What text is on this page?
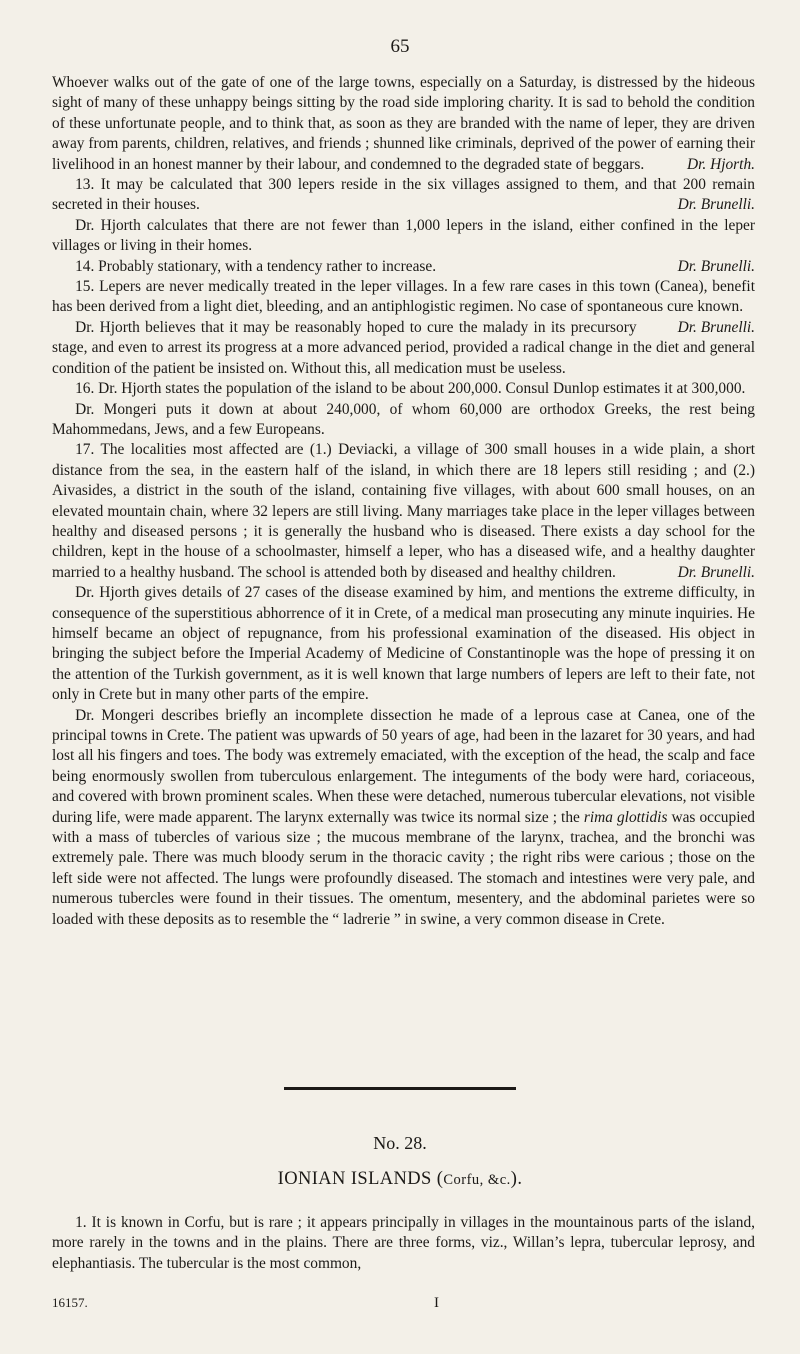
65

Whoever walks out of the gate of one of the large towns, especially on a Saturday, is distressed by the hideous sight of many of these unhappy beings sitting by the road side imploring charity. It is sad to behold the condition of these unfortunate people, and to think that, as soon as they are branded with the name of leper, they are driven away from parents, children, relatives, and friends ; shunned like criminals, deprived of the power of earning their livelihood in an honest manner by their labour, and condemned to the degraded state of beggars.	Dr. Hjorth.

13. It may be calculated that 300 lepers reside in the six villages assigned to them, and that 200 remain secreted in their houses.	Dr. Brunelli.

Dr. Hjorth calculates that there are not fewer than 1,000 lepers in the island, either confined in the leper villages or living in their homes.

14. Probably stationary, with a tendency rather to increase.	Dr. Brunelli.

15. Lepers are never medically treated in the leper villages. In a few rare cases in this town (Canea), benefit has been derived from a light diet, bleeding, and an antiphlogistic regimen. No case of spontaneous cure known.
Dr. Brunelli.

Dr. Hjorth believes that it may be reasonably hoped to cure the malady in its precursory stage, and even to arrest its progress at a more advanced period, provided a radical change in the diet and general condition of the patient be insisted on. Without this, all medication must be useless.

16. Dr. Hjorth states the population of the island to be about 200,000. Consul Dunlop estimates it at 300,000.

Dr. Mongeri puts it down at about 240,000, of whom 60,000 are orthodox Greeks, the rest being Mahommedans, Jews, and a few Europeans.

17. The localities most affected are (1.) Deviacki, a village of 300 small houses in a wide plain, a short distance from the sea, in the eastern half of the island, in which there are 18 lepers still residing ; and (2.) Aivasides, a district in the south of the island, containing five villages, with about 600 small houses, on an elevated mountain chain, where 32 lepers are still living. Many marriages take place in the leper villages between healthy and diseased persons ; it is generally the husband who is diseased. There exists a day school for the children, kept in the house of a schoolmaster, himself a leper, who has a diseased wife, and a healthy daughter married to a healthy husband. The school is attended both by diseased and healthy children.	Dr. Brunelli.

Dr. Hjorth gives details of 27 cases of the disease examined by him, and mentions the extreme difficulty, in consequence of the superstitious abhorrence of it in Crete, of a medical man prosecuting any minute inquiries. He himself became an object of repugnance, from his professional examination of the diseased. His object in bringing the subject before the Imperial Academy of Medicine of Constantinople was the hope of pressing it on the attention of the Turkish government, as it is well known that large numbers of lepers are left to their fate, not only in Crete but in many other parts of the empire.

Dr. Mongeri describes briefly an incomplete dissection he made of a leprous case at Canea, one of the principal towns in Crete. The patient was upwards of 50 years of age, had been in the lazaret for 30 years, and had lost all his fingers and toes. The body was extremely emaciated, with the exception of the head, the scalp and face being enormously swollen from tuberculous enlargement. The integuments of the body were hard, coriaceous, and covered with brown prominent scales. When these were detached, numerous tubercular elevations, not visible during life, were made apparent. The larynx externally was twice its normal size ; the rima glottidis was occupied with a mass of tubercles of various size ; the mucous membrane of the larynx, trachea, and the bronchi was extremely pale. There was much bloody serum in the thoracic cavity ; the right ribs were carious ; those on the left side were not affected. The lungs were profoundly diseased. The stomach and intestines were very pale, and numerous tubercles were found in their tissues. The omentum, mesentery, and the abdominal parietes were so loaded with these deposits as to resemble the “ ladrerie ” in swine, a very common disease in Crete.

No. 28.
IONIAN ISLANDS (Corfu, &c.).

1. It is known in Corfu, but is rare ; it appears principally in villages in the mountainous parts of the island, more rarely in the towns and in the plains. There are three forms, viz., Willan’s lepra, tubercular leprosy, and elephantiasis. The tubercular is the most common,

16157.	I
